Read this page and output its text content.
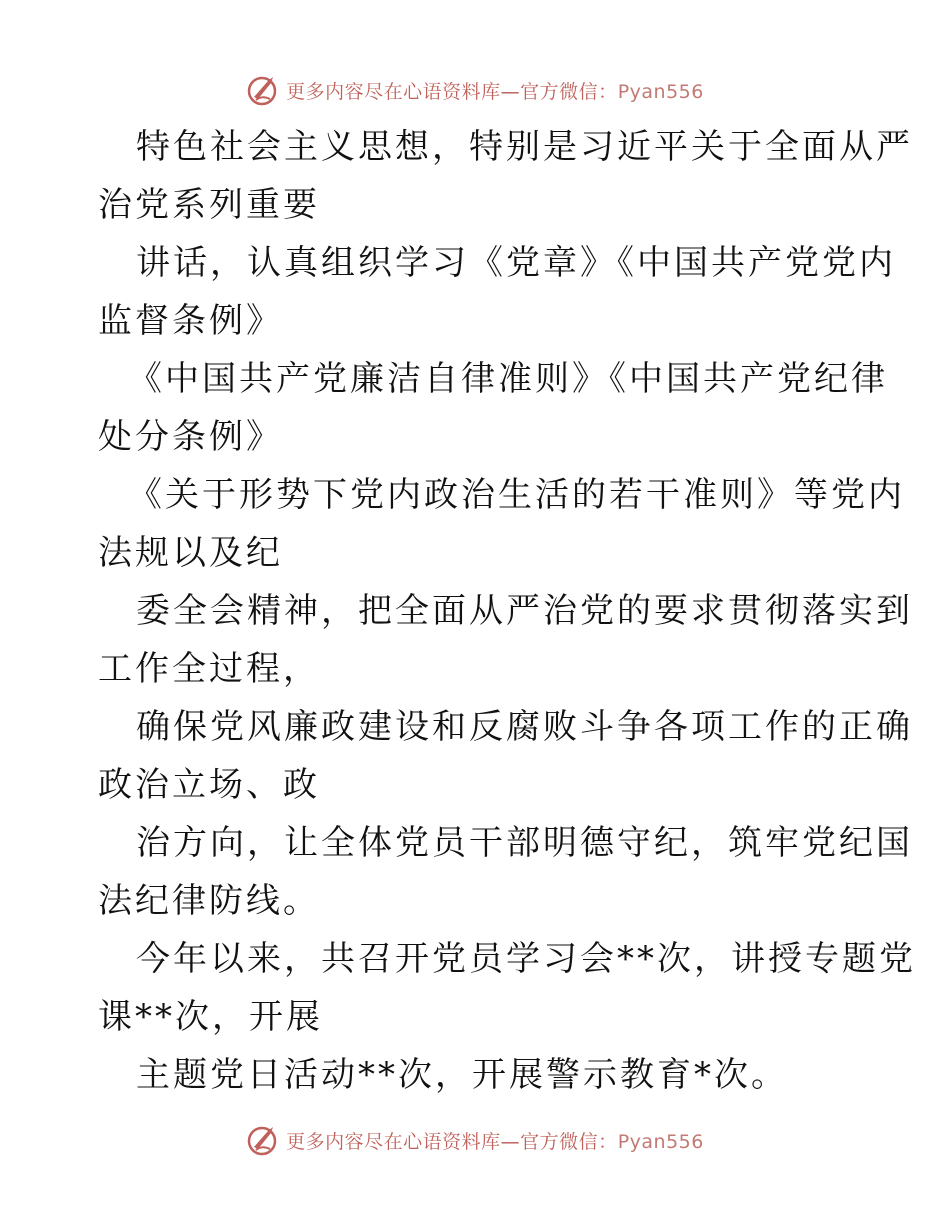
更多内容尽在心语资料库—官方微信：Pyan556
特色社会主义思想，特别是习近平关于全面从严
治党系列重要
讲话，认真组织学习《党章》《中国共产党党内
监督条例》
《中国共产党廉洁自律准则》《中国共产党纪律
处分条例》
《关于形势下党内政治生活的若干准则》等党内
法规以及纪
委全会精神，把全面从严治党的要求贯彻落实到
工作全过程，
确保党风廉政建设和反腐败斗争各项工作的正确
政治立场、政
治方向，让全体党员干部明德守纪，筑牢党纪国
法纪律防线。
今年以来，共召开党员学习会**次，讲授专题党
课**次，开展
主题党日活动**次，开展警示教育*次。
更多内容尽在心语资料库—官方微信：Pyan556
